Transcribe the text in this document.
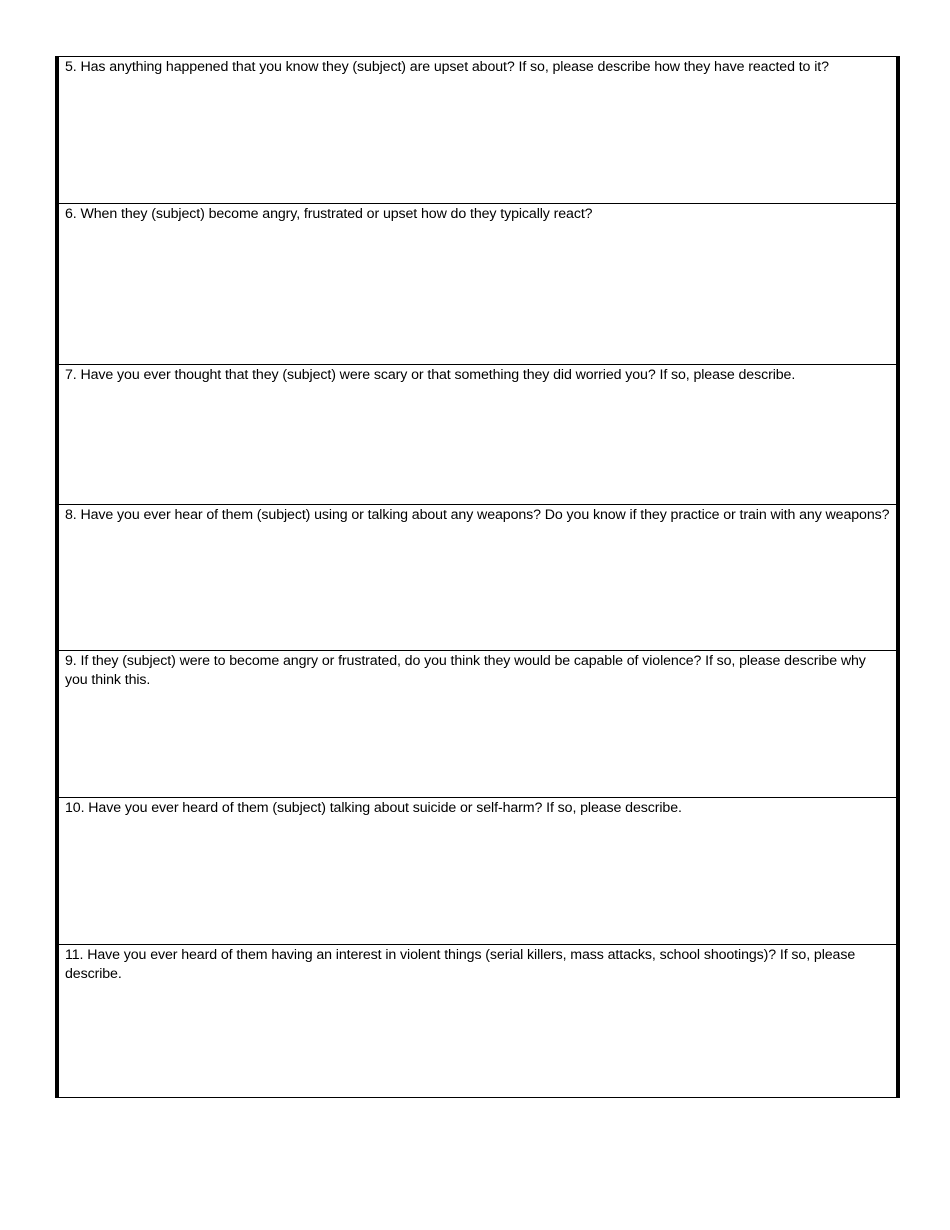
5. Has anything happened that you know they (subject) are upset about? If so, please describe how they have reacted to it?

6. When they (subject) become angry, frustrated or upset how do they typically react?

7. Have you ever thought that they (subject) were scary or that something they did worried you? If so, please describe.

8. Have you ever hear of them (subject) using or talking about any weapons? Do you know if they practice or train with any weapons?

9. If they (subject) were to become angry or frustrated, do you think they would be capable of violence? If so, please describe why you think this.

10. Have you ever heard of them (subject) talking about suicide or self-harm? If so, please describe.

11. Have you ever heard of them having an interest in violent things (serial killers, mass attacks, school shootings)? If so, please describe.
